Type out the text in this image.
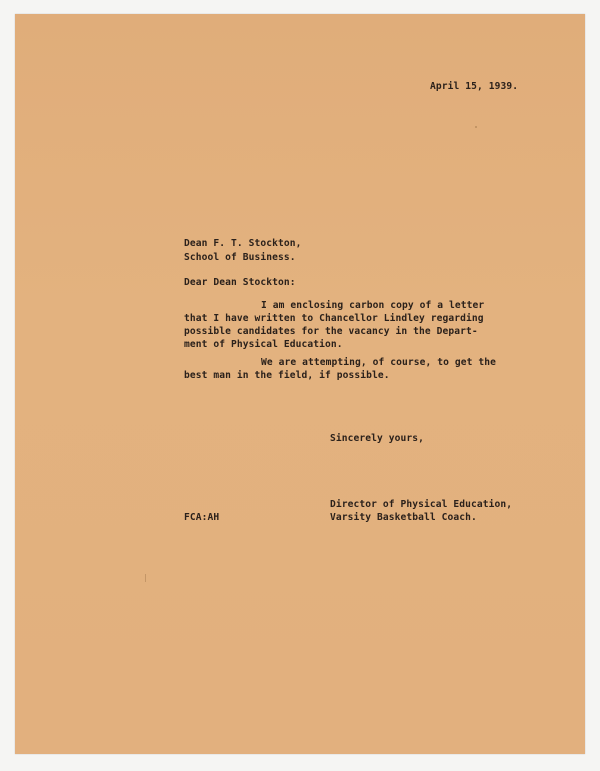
April 15, 1939.
Dean F. T. Stockton,
School of Business.
Dear Dean Stockton:
I am enclosing carbon copy of a letter
that I have written to Chancellor Lindley regarding
possible candidates for the vacancy in the Depart-
ment of Physical Education.
We are attempting, of course, to get the
best man in the field, if possible.
Sincerely yours,
Director of Physical Education,
FCA:AH	Varsity Basketball Coach.
